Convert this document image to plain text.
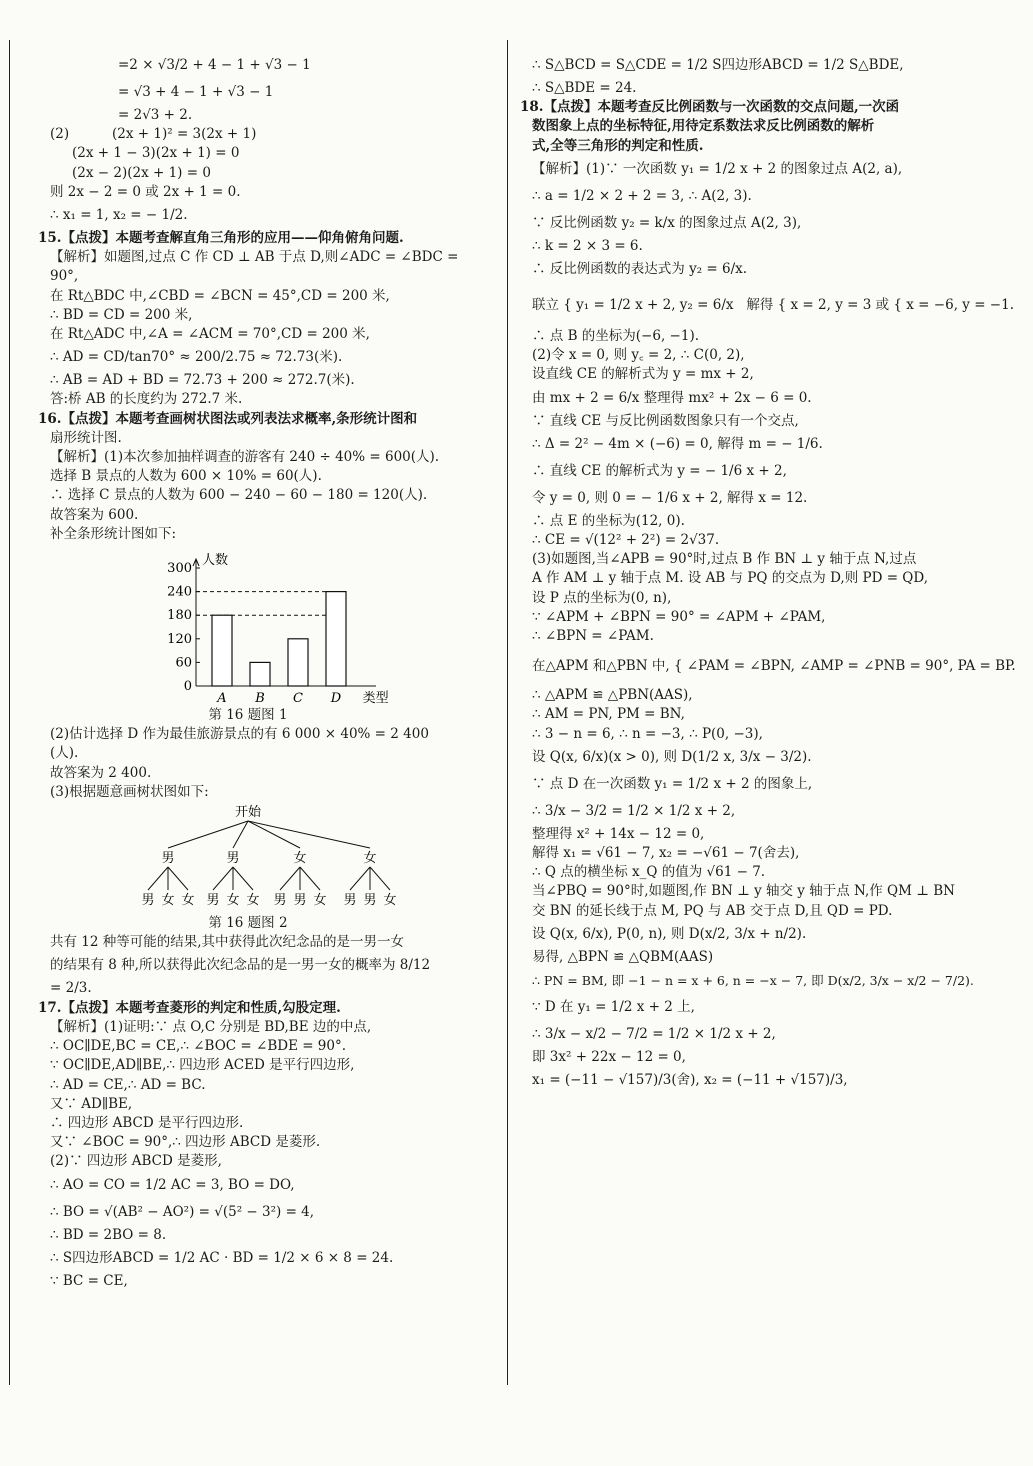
=2 × √3/2 + 4 − 1 + √3 − 1
= √3 + 4 − 1 + √3 − 1
= 2√3 + 2.
(2)          (2x + 1)² = 3(2x + 1)
(2x + 1 − 3)(2x + 1) = 0
(2x − 2)(2x + 1) = 0
则 2x − 2 = 0 或 2x + 1 = 0.
∴ x₁ = 1, x₂ = − 1/2.
15.【点拨】本题考查解直角三角形的应用——仰角俯角问题.
【解析】如题图,过点 C 作 CD ⊥ AB 于点 D,则∠ADC = ∠BDC =
90°,
在 Rt△BDC 中,∠CBD = ∠BCN = 45°,CD = 200 米,
∴ BD = CD = 200 米,
在 Rt△ADC 中,∠A = ∠ACM = 70°,CD = 200 米,
∴ AD = CD/tan70° ≈ 200/2.75 ≈ 72.73(米).
∴ AB = AD + BD = 72.73 + 200 ≈ 272.7(米).
答:桥 AB 的长度约为 272.7 米.
16.【点拨】本题考查画树状图法或列表法求概率,条形统计图和
扇形统计图.
【解析】(1)本次参加抽样调查的游客有 240 ÷ 40% = 600(人).
选择 B 景点的人数为 600 × 10% = 60(人).
∴ 选择 C 景点的人数为 600 − 240 − 60 − 180 = 120(人).
故答案为 600.
补全条形统计图如下:
人数
0
60
120
180
240
300
A B C D 类型
第 16 题图 1
(2)估计选择 D 作为最佳旅游景点的有 6 000 × 40% = 2 400
(人).
故答案为 2 400.
(3)根据题意画树状图如下:
开始
男
男 女 女
男
男 女 女
女
男 男 女
女
男 男 女
第 16 题图 2
共有 12 种等可能的结果,其中获得此次纪念品的是一男一女
的结果有 8 种,所以获得此次纪念品的是一男一女的概率为 8/12
= 2/3.
17.【点拨】本题考查菱形的判定和性质,勾股定理.
【解析】(1)证明:∵ 点 O,C 分别是 BD,BE 边的中点,
∴ OC∥DE,BC = CE,∴ ∠BOC = ∠BDE = 90°.
∵ OC∥DE,AD∥BE,∴ 四边形 ACED 是平行四边形,
∴ AD = CE,∴ AD = BC.
又∵ AD∥BE,
∴ 四边形 ABCD 是平行四边形.
又∵ ∠BOC = 90°,∴ 四边形 ABCD 是菱形.
(2)∵ 四边形 ABCD 是菱形,
∴ AO = CO = 1/2 AC = 3, BO = DO,
∴ BO = √(AB² − AO²) = √(5² − 3²) = 4,
∴ BD = 2BO = 8.
∴ S四边形ABCD = 1/2 AC · BD = 1/2 × 6 × 8 = 24.
∵ BC = CE,
∴ S△BCD = S△CDE = 1/2 S四边形ABCD = 1/2 S△BDE,
∴ S△BDE = 24.
18.【点拨】本题考查反比例函数与一次函数的交点问题,一次函
数图象上点的坐标特征,用待定系数法求反比例函数的解析
式,全等三角形的判定和性质.
【解析】(1)∵ 一次函数 y₁ = 1/2 x + 2 的图象过点 A(2, a),
∴ a = 1/2 × 2 + 2 = 3, ∴ A(2, 3).
∵ 反比例函数 y₂ = k/x 的图象过点 A(2, 3),
∴ k = 2 × 3 = 6.
∴ 反比例函数的表达式为 y₂ = 6/x.
联立 { y₁ = 1/2 x + 2, y₂ = 6/x   解得 { x = 2, y = 3 或 { x = −6, y = −1.
∴ 点 B 的坐标为(−6, −1).
(2)令 x = 0, 则 y꜀ = 2, ∴ C(0, 2),
设直线 CE 的解析式为 y = mx + 2,
由 mx + 2 = 6/x 整理得 mx² + 2x − 6 = 0.
∵ 直线 CE 与反比例函数图象只有一个交点,
∴ Δ = 2² − 4m × (−6) = 0, 解得 m = − 1/6.
∴ 直线 CE 的解析式为 y = − 1/6 x + 2,
令 y = 0, 则 0 = − 1/6 x + 2, 解得 x = 12.
∴ 点 E 的坐标为(12, 0).
∴ CE = √(12² + 2²) = 2√37.
(3)如题图,当∠APB = 90°时,过点 B 作 BN ⊥ y 轴于点 N,过点
A 作 AM ⊥ y 轴于点 M. 设 AB 与 PQ 的交点为 D,则 PD = QD,
设 P 点的坐标为(0, n),
∵ ∠APM + ∠BPN = 90° = ∠APM + ∠PAM,
∴ ∠BPN = ∠PAM.
在△APM 和△PBN 中, { ∠PAM = ∠BPN, ∠AMP = ∠PNB = 90°, PA = BP.
∴ △APM ≌ △PBN(AAS),
∴ AM = PN, PM = BN,
∴ 3 − n = 6, ∴ n = −3, ∴ P(0, −3),
设 Q(x, 6/x)(x > 0), 则 D(1/2 x, 3/x − 3/2).
∵ 点 D 在一次函数 y₁ = 1/2 x + 2 的图象上,
∴ 3/x − 3/2 = 1/2 × 1/2 x + 2,
整理得 x² + 14x − 12 = 0,
解得 x₁ = √61 − 7, x₂ = −√61 − 7(舍去),
∴ Q 点的横坐标 x_Q 的值为 √61 − 7.
当∠PBQ = 90°时,如题图,作 BN ⊥ y 轴交 y 轴于点 N,作 QM ⊥ BN
交 BN 的延长线于点 M, PQ 与 AB 交于点 D,且 QD = PD.
设 Q(x, 6/x), P(0, n), 则 D(x/2, 3/x + n/2).
易得, △BPN ≌ △QBM(AAS)
∴ PN = BM, 即 −1 − n = x + 6, n = −x − 7, 即 D(x/2, 3/x − x/2 − 7/2).
∵ D 在 y₁ = 1/2 x + 2 上,
∴ 3/x − x/2 − 7/2 = 1/2 × 1/2 x + 2,
即 3x² + 22x − 12 = 0,
x₁ = (−11 − √157)/3(舍), x₂ = (−11 + √157)/3,
